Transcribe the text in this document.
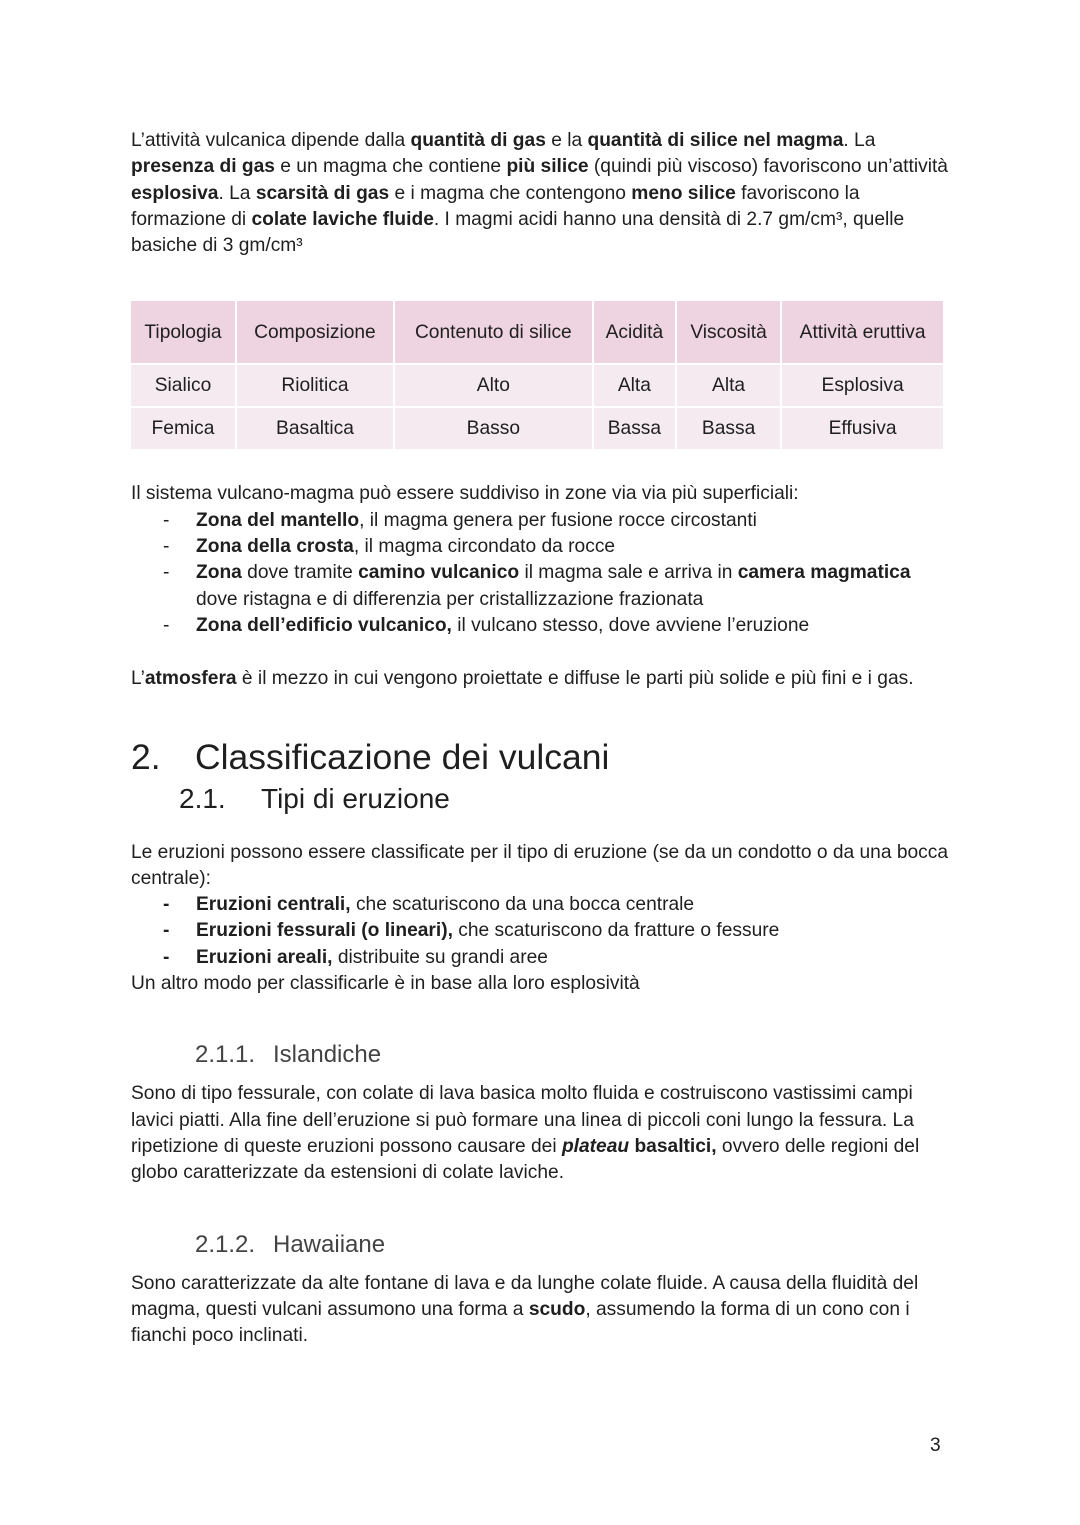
L’attività vulcanica dipende dalla quantità di gas e la quantità di silice nel magma. La presenza di gas e un magma che contiene più silice (quindi più viscoso) favoriscono un’attività esplosiva. La scarsità di gas e i magma che contengono meno silice favoriscono la formazione di colate laviche fluide. I magmi acidi hanno una densità di 2.7 gm/cm³, quelle basiche di 3 gm/cm³

Tipologia	Composizione	Contenuto di silice	Acidità	Viscosità	Attività eruttiva
Sialico	Riolitica	Alto	Alta	Alta	Esplosiva
Femica	Basaltica	Basso	Bassa	Bassa	Effusiva

Il sistema vulcano-magma può essere suddiviso in zone via via più superficiali:

- Zona del mantello, il magma genera per fusione rocce circostanti
- Zona della crosta, il magma circondato da rocce
- Zona dove tramite camino vulcanico il magma sale e arriva in camera magmatica dove ristagna e di differenzia per cristallizzazione frazionata
- Zona dell’edificio vulcanico, il vulcano stesso, dove avviene l’eruzione

L’atmosfera è il mezzo in cui vengono proiettate e diffuse le parti più solide e più fini e i gas.

2. Classificazione dei vulcani
2.1.	Tipi di eruzione

Le eruzioni possono essere classificate per il tipo di eruzione (se da un condotto o da una bocca centrale):

- Eruzioni centrali, che scaturiscono da una bocca centrale
- Eruzioni fessurali (o lineari), che scaturiscono da fratture o fessure
- Eruzioni areali, distribuite su grandi aree

Un altro modo per classificarle è in base alla loro esplosività

2.1.1. Islandiche

Sono di tipo fessurale, con colate di lava basica molto fluida e costruiscono vastissimi campi lavici piatti. Alla fine dell’eruzione si può formare una linea di piccoli coni lungo la fessura. La ripetizione di queste eruzioni possono causare dei plateau basaltici, ovvero delle regioni del globo caratterizzate da estensioni di colate laviche.

2.1.2. Hawaiiane

Sono caratterizzate da alte fontane di lava e da lunghe colate fluide. A causa della fluidità del magma, questi vulcani assumono una forma a scudo, assumendo la forma di un cono con i fianchi poco inclinati.

3
